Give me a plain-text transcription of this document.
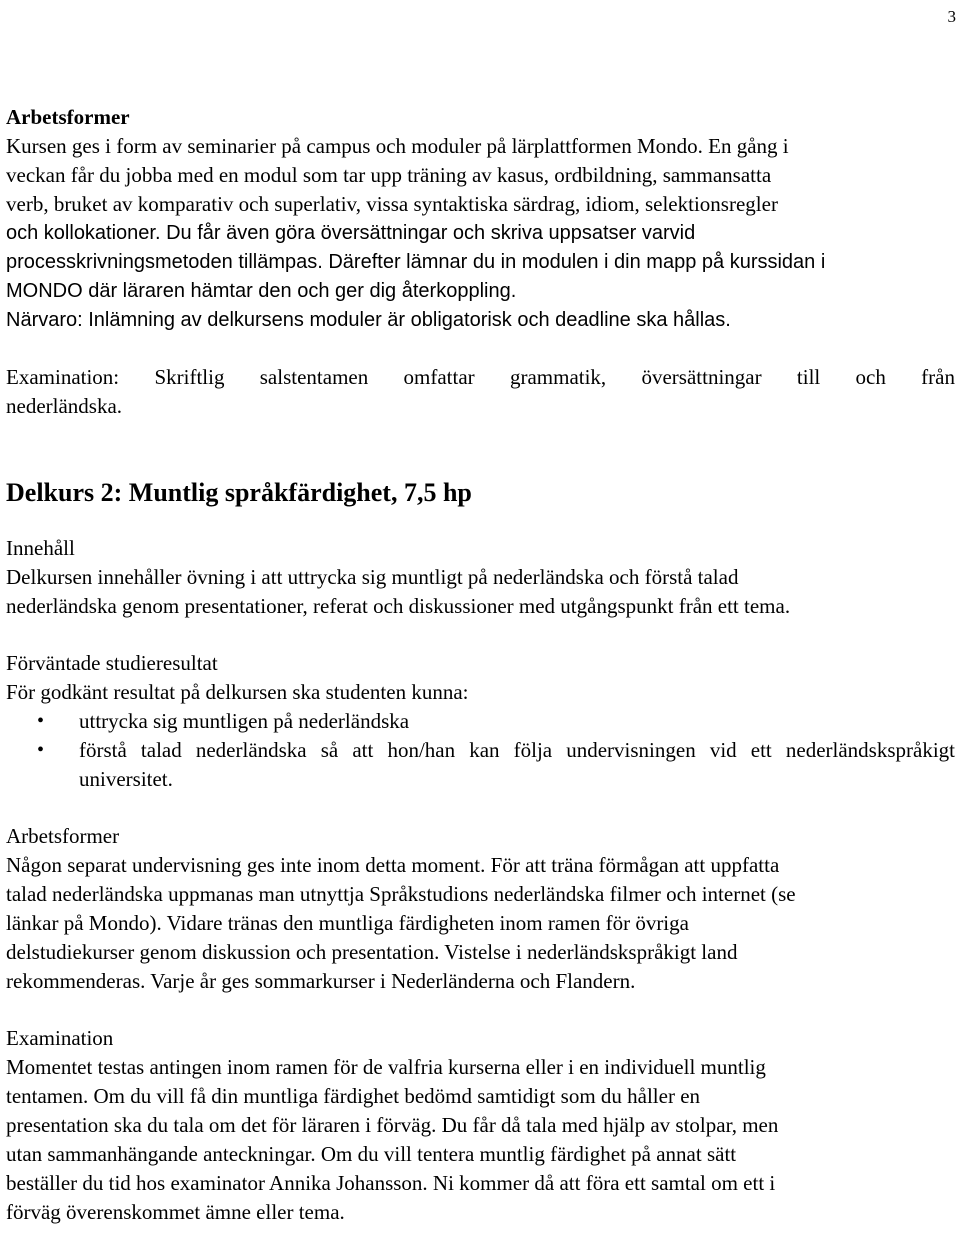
3

Arbetsformer

Kursen ges i form av seminarier på campus och moduler på lärplattformen Mondo. En gång i

veckan får du jobba med en modul som tar upp träning av kasus, ordbildning, sammansatta

verb, bruket av komparativ och superlativ, vissa syntaktiska särdrag, idiom, selektionsregler

och kollokationer. Du får även göra översättningar och skriva uppsatser varvid

processkrivningsmetoden tillämpas. Därefter lämnar du in modulen i din mapp på kurssidan i

MONDO där läraren hämtar den och ger dig återkoppling.

Närvaro: Inlämning av delkursens moduler är obligatorisk och deadline ska hållas.

Examination: Skriftlig salstentamen omfattar grammatik, översättningar till och från

nederländska.

Delkurs 2: Muntlig språkfärdighet, 7,5 hp

Innehåll

Delkursen innehåller övning i att uttrycka sig muntligt på nederländska och förstå talad

nederländska genom presentationer, referat och diskussioner med utgångspunkt från ett tema.

Förväntade studieresultat

För godkänt resultat på delkursen ska studenten kunna:

• uttrycka sig muntligen på nederländska
• förstå talad nederländska så att hon/han kan följa undervisningen vid ett nederländskspråkigt universitet.

Arbetsformer

Någon separat undervisning ges inte inom detta moment. För att träna förmågan att uppfatta

talad nederländska uppmanas man utnyttja Språkstudions nederländska filmer och internet (se

länkar på Mondo). Vidare tränas den muntliga färdigheten inom ramen för övriga

delstudiekurser genom diskussion och presentation. Vistelse i nederländskspråkigt land

rekommenderas. Varje år ges sommarkurser i Nederländerna och Flandern.

Examination

Momentet testas antingen inom ramen för de valfria kurserna eller i en individuell muntlig

tentamen. Om du vill få din muntliga färdighet bedömd samtidigt som du håller en

presentation ska du tala om det för läraren i förväg. Du får då tala med hjälp av stolpar, men

utan sammanhängande anteckningar. Om du vill tentera muntlig färdighet på annat sätt

beställer du tid hos examinator Annika Johansson. Ni kommer då att föra ett samtal om ett i

förväg överenskommet ämne eller tema.
